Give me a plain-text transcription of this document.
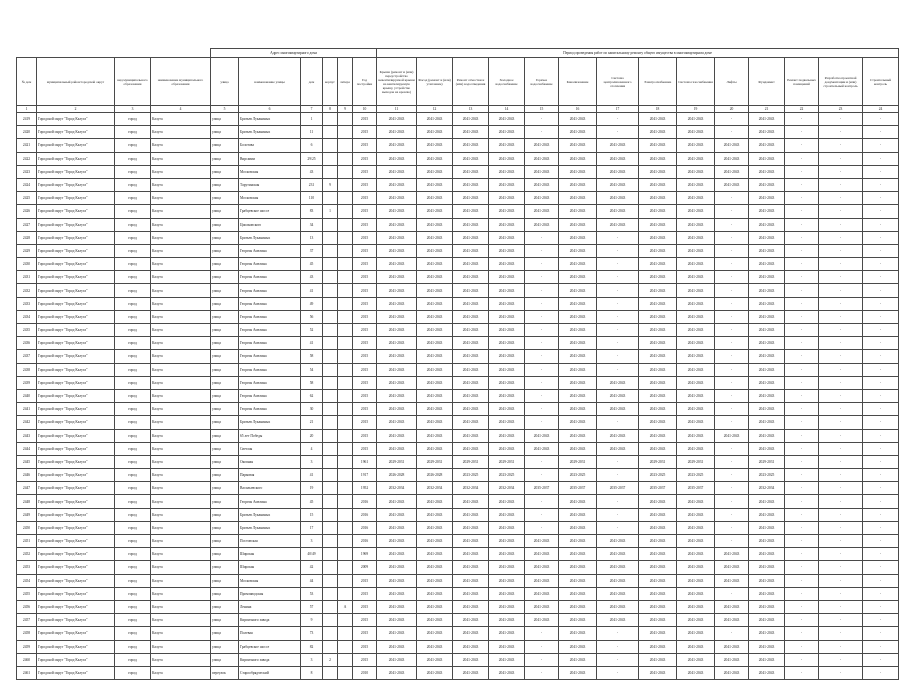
				Адрес многоквартирного дома						Период проведения работ по капитальному ремонту общего имущества в многоквартирном доме													
№ дом	муниципальный район/городской округ	вид муниципального образования	наименование муниципального образования	улица	наименование улицы	дом	корпус	литера	Год постройки	Крыша (ремонт и (или) переустройство невентилируемой крыши на вентилируемую крышу, устройство выходов на кровлю)	Фасад (ремонт и (или) утепление)	Ремонт отмостки и (или) водоотведения	Холодное водоснабжение	Горячее водоснабжение	Канализование	Система централизованного отопления	Электроснабжение	Система газоснабжения	Лифты	Фундамент	Ремонт подвальных помещений	Разработка проектной документации и (или) строительный контроль	Строительный контроль
1	2	3	4	5	6	7	8	9	10	11	12	13	14	15	16	17	18	19	20	21	22	23	24
2419	Городской округ "Город Калуга"	город	Калуга	улица	Братьев Луканиных	1			2015	2041-2043	2041-2043	2041-2043	2041-2043	-	2041-2043	-	2041-2043	2041-2043	-	2041-2043	-	-	-
2420	Городской округ "Город Калуга"	город	Калуга	улица	Братьев Луканиных	11			2015	2041-2043	2041-2043	2041-2043	2041-2043	-	2041-2043	-	2041-2043	2041-2043	-	2041-2043	-	-	-
2421	Городской округ "Город Калуга"	город	Калуга	улица	Болотова	6			2015	2041-2043	2041-2043	2041-2043	2041-2043	2041-2043	2041-2043	2041-2043	2041-2043	2041-2043	2041-2043	2041-2043	-	-	-
2422	Городской округ "Город Калуга"	город	Калуга	улица	Вирсавии	29/25			2015	2041-2043	2041-2043	2041-2043	2041-2043	2041-2043	2041-2043	2041-2043	2041-2043	2041-2043	2041-2043	2041-2043	-	-	-
2423	Городской округ "Город Калуга"	город	Калуга	улица	Московская	43			2015	2041-2043	2041-2043	2041-2043	2041-2043	2041-2043	2041-2043	2041-2043	2041-2043	2041-2043	2041-2043	2041-2043	-	-	-
2424	Городской округ "Город Калуга"	город	Калуга	улица	Тарутинская	231	9		2015	2041-2043	2041-2043	2041-2043	2041-2043	2041-2043	2041-2043	2041-2043	2041-2043	2041-2043	2041-2043	2041-2043	-	-	-
2425	Городской округ "Город Калуга"	город	Калуга	улица	Московская	110			2015	2041-2043	2041-2043	2041-2043	2041-2043	2041-2043	2041-2043	2041-2043	2041-2043	2041-2043	-	2041-2043	-	-	-
2426	Городской округ "Город Калуга"	город	Калуга	улица	Грабцевское шоссе	83	1		2015	2041-2043	2041-2043	2041-2043	2041-2043	2041-2043	2041-2043	2041-2043	2041-2043	2041-2043	-	2041-2043	-	-	-
2427	Городской округ "Город Калуга"	город	Калуга	улица	Циолковского	34			2015	2041-2043	2041-2043	2041-2043	2041-2043	2041-2043	2041-2043	2041-2043	2041-2043	2041-2043	-	2041-2043	-	-	-
2428	Городской округ "Город Калуга"	город	Калуга	улица	Братьев Луканиных	13			2015	2041-2043	2041-2043	2041-2043	2041-2043	-	2041-2043	-	2041-2043	2041-2043	-	2041-2043	-	-	-
2429	Городской округ "Город Калуга"	город	Калуга	улица	Георгия Амелина	37			2015	2041-2043	2041-2043	2041-2043	2041-2043	-	2041-2043	-	2041-2043	2041-2043	-	2041-2043	-	-	-
2430	Городской округ "Город Калуга"	город	Калуга	улица	Георгия Амелина	45			2015	2041-2043	2041-2043	2041-2043	2041-2043	-	2041-2043	-	2041-2043	2041-2043	-	2041-2043	-	-	-
2431	Городской округ "Город Калуга"	город	Калуга	улица	Георгия Амелина	43			2015	2041-2043	2041-2043	2041-2043	2041-2043	-	2041-2043	-	2041-2043	2041-2043	-	2041-2043	-	-	-
2432	Городской округ "Город Калуга"	город	Калуга	улица	Георгия Амелина	41			2015	2041-2043	2041-2043	2041-2043	2041-2043	-	2041-2043	-	2041-2043	2041-2043	-	2041-2043	-	-	-
2433	Городской округ "Город Калуга"	город	Калуга	улица	Георгия Амелина	49			2015	2041-2043	2041-2043	2041-2043	2041-2043	-	2041-2043	-	2041-2043	2041-2043	-	2041-2043	-	-	-
2434	Городской округ "Город Калуга"	город	Калуга	улица	Георгия Амелина	56			2015	2041-2043	2041-2043	2041-2043	2041-2043	-	2041-2043	-	2041-2043	2041-2043	-	2041-2043	-	-	-
2435	Городской округ "Город Калуга"	город	Калуга	улица	Георгия Амелина	52			2015	2041-2043	2041-2043	2041-2043	2041-2043	-	2041-2043	-	2041-2043	2041-2043	-	2041-2043	-	-	-
2436	Городской округ "Город Калуга"	город	Калуга	улица	Георгия Амелина	41			2015	2041-2043	2041-2043	2041-2043	2041-2043	-	2041-2043	-	2041-2043	2041-2043	-	2041-2043	-	-	-
2437	Городской округ "Город Калуга"	город	Калуга	улица	Георгия Амелина	58			2015	2041-2043	2041-2043	2041-2043	2041-2043	-	2041-2043	-	2041-2043	2041-2043	-	2041-2043	-	-	-
2438	Городской округ "Город Калуга"	город	Калуга	улица	Георгия Амелина	54			2015	2041-2043	2041-2043	2041-2043	2041-2043	-	2041-2043	-	2041-2043	2041-2043	-	2041-2043	-	-	-
2439	Городской округ "Город Калуга"	город	Калуга	улица	Георгия Амелина	58			2015	2041-2043	2041-2043	2041-2043	2041-2043	-	2041-2043	2041-2043	2041-2043	2041-2043	-	2041-2043	-	-	-
2440	Городской округ "Город Калуга"	город	Калуга	улица	Георгия Амелина	62			2015	2041-2043	2041-2043	2041-2043	2041-2043	-	2041-2043	2041-2043	2041-2043	2041-2043	-	2041-2043	-	-	-
2441	Городской округ "Город Калуга"	город	Калуга	улица	Георгия Амелина	30			2015	2041-2043	2041-2043	2041-2043	2041-2043	-	2041-2043	2041-2043	2041-2043	2041-2043	-	2041-2043	-	-	-
2442	Городской округ "Город Калуга"	город	Калуга	улица	Братьев Луканиных	21			2015	2041-2043	2041-2043	2041-2043	2041-2043	-	2041-2043	-	2041-2043	2041-2043	-	2041-2043	-	-	-
2443	Городской округ "Город Калуга"	город	Калуга	улица	65 лет Победы	20			2015	2041-2043	2041-2043	2041-2043	2041-2043	2041-2043	2041-2043	2041-2043	2041-2043	2041-2043	2041-2043	2041-2043	-	-	-
2444	Городской округ "Город Калуга"	город	Калуга	улица	Светлая	4			2015	2041-2043	2041-2043	2041-2043	2041-2043	2041-2043	2041-2043	2041-2043	2041-2043	2041-2043	-	2041-2043	-	-	-
2445	Городской округ "Город Калуга"	город	Калуга	улица	Окопная	3			1961	2029-2031	2029-2031	2029-2031	2029-2031	-	2029-2031	-	2029-2031	2029-2031	-	2029-2031	-	-	-
2446	Городской округ "Город Калуга"	город	Калуга	улица	Парковая	41			1917	2026-2028	2026-2028	2023-2025	2023-2025	-	2023-2025	-	2023-2025	2023-2025	-	2023-2025	-	-	-
2447	Городской округ "Город Калуга"	город	Калуга	улица	Васильевского	19			1952	2032-2034	2032-2034	2032-2034	2032-2034	2035-2037	2035-2037	2035-2037	2035-2037	2035-2037	-	2032-2034	-	-	-
2448	Городской округ "Город Калуга"	город	Калуга	улица	Георгия Амелина	45			2016	2041-2043	2041-2043	2041-2043	2041-2043	-	2041-2043	-	2041-2043	2041-2043	-	2041-2043	-	-	-
2449	Городской округ "Город Калуга"	город	Калуга	улица	Братьев Луканиных	15			2016	2041-2043	2041-2043	2041-2043	2041-2043	-	2041-2043	-	2041-2043	2041-2043	-	2041-2043	-	-	-
2450	Городской округ "Город Калуга"	город	Калуга	улица	Братьев Луканиных	17			2016	2041-2043	2041-2043	2041-2043	2041-2043	-	2041-2043	-	2041-2043	2041-2043	-	2041-2043	-	-	-
2451	Городской округ "Город Калуга"	город	Калуга	улица	Постовская	3			2016	2041-2043	2041-2043	2041-2043	2041-2043	2041-2043	2041-2043	2041-2043	2041-2043	2041-2043	-	2041-2043	-	-	-
2452	Городской округ "Город Калуга"	город	Калуга	улица	Широкая	40/49			1969	2041-2043	2041-2043	2041-2043	2041-2043	2041-2043	2041-2043	2041-2043	2041-2043	2041-2043	2041-2043	2041-2043	-	-	-
2453	Городской округ "Город Калуга"	город	Калуга	улица	Широкая	42			2009	2041-2043	2041-2043	2041-2043	2041-2043	2041-2043	2041-2043	2041-2043	2041-2043	2041-2043	2041-2043	2041-2043	-	-	-
2454	Городской округ "Город Калуга"	город	Калуга	улица	Московская	44			2015	2041-2043	2041-2043	2041-2043	2041-2043	2041-2043	2041-2043	2041-2043	2041-2043	2041-2043	2041-2043	2041-2043	-	-	-
2455	Городской округ "Город Калуга"	город	Калуга	улица	Промзаводская	53			2015	2041-2043	2041-2043	2041-2043	2041-2043	2041-2043	2041-2043	2041-2043	2041-2043	2041-2043	-	2041-2043	-	-	-
2456	Городской округ "Город Калуга"	город	Калуга	улица	Ленина	57		А	2015	2041-2043	2041-2043	2041-2043	2041-2043	2041-2043	2041-2043	2041-2043	2041-2043	2041-2043	2041-2043	2041-2043	-	-	-
2457	Городской округ "Город Калуга"	город	Калуга	улица	Кирпичного завода	9			2015	2041-2043	2041-2043	2041-2043	2041-2043	2041-2043	2041-2043	2041-2043	2041-2043	2041-2043	2041-2043	2041-2043	-	-	-
2458	Городской округ "Город Калуга"	город	Калуга	улица	Полевая	73			2015	2041-2043	2041-2043	2041-2043	2041-2043	-	2041-2043	-	2041-2043	2041-2043	-	2041-2043	-	-	-
2459	Городской округ "Город Калуга"	город	Калуга	улица	Грабцевское шоссе	82			2015	2041-2043	2041-2043	2041-2043	2041-2043	-	2041-2043	-	2041-2043	2041-2043	2041-2043	2041-2043	-	-	-
2460	Городской округ "Город Калуга"	город	Калуга	улица	Кирпичного завода	3	2		2015	2041-2043	2041-2043	2041-2043	2041-2043	-	2041-2043	-	2041-2043	2041-2043	2041-2043	2041-2043	-	-	-
2461	Городской округ "Город Калуга"	город	Калуга	переулок	Старообрядческий	8			2010	2041-2043	2041-2043	2041-2043	2041-2043	-	2041-2043	-	2041-2043	2041-2043	2041-2043	2041-2043	-	-	-
